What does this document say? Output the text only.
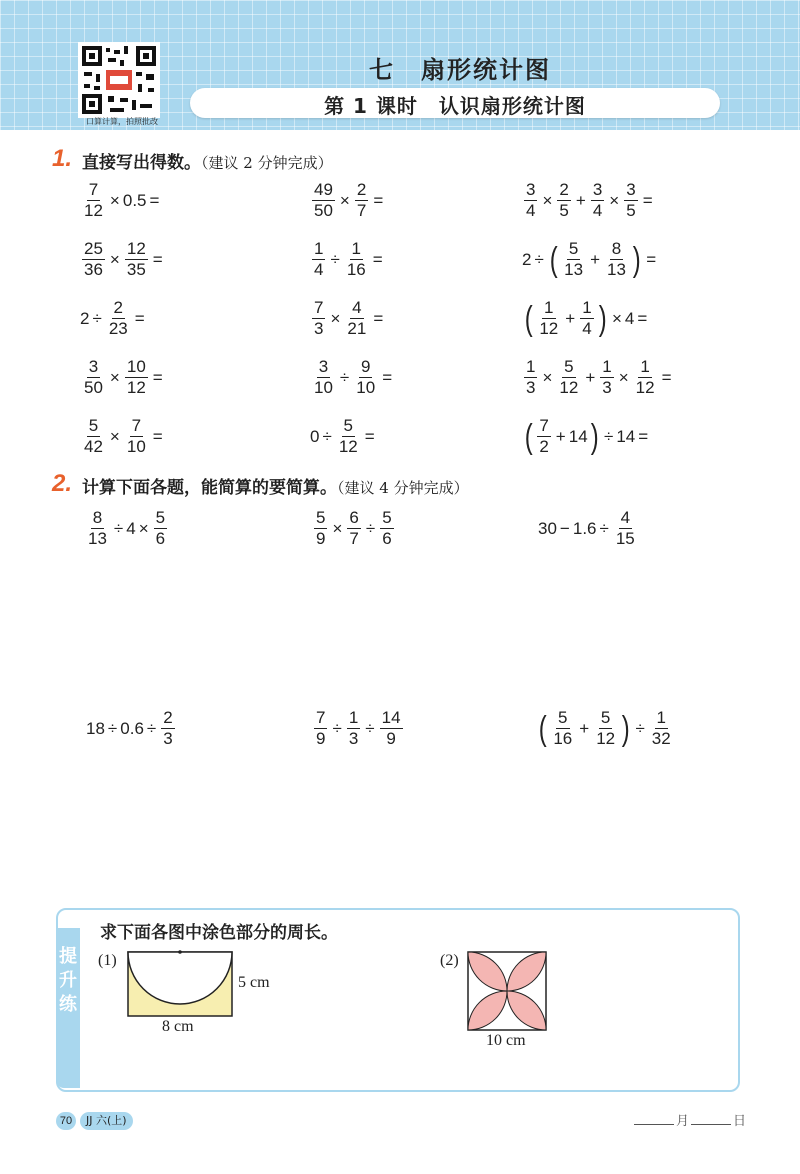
口算计算，拍照批改
七　扇形统计图
第 1 课时　认识扇形统计图
1. 直接写出得数。（建议 2 分钟完成）
$\frac{7}{12} \times 0.5$ =	$\frac{49}{50} \times \frac{2}{7}$ =	$\frac{3}{4} \times \frac{2}{5} + \frac{3}{4} \times \frac{3}{5}$ =
$\frac{25}{36} \times \frac{12}{35}$ =	$\frac{1}{4} \div \frac{1}{16}$ =	2 ÷ ( $\frac{5}{13} + \frac{8}{13}$ ) =
$2 \div \frac{2}{23}$ =	$\frac{7}{3} \times \frac{4}{21}$ =	( $\frac{1}{12} + \frac{1}{4}$ ) × 4 =
$\frac{3}{50} \times \frac{10}{12}$ =	$\frac{3}{10} \div \frac{9}{10}$ =	$\frac{1}{3} \times \frac{5}{12} + \frac{1}{3} \times \frac{1}{12}$ =
$\frac{5}{42} \times \frac{7}{10}$ =	$0 \div \frac{5}{12}$ =	( $\frac{7}{2} + 14$ ) ÷ 14 =
2. 计算下面各题，能简算的要简算。（建议 4 分钟完成）
$\frac{8}{13} \div 4 \times \frac{5}{6}$	$\frac{5}{9} \times \frac{6}{7} \div \frac{5}{6}$	$30 - 1.6 \div \frac{4}{15}$
$18 \div 0.6 \div \frac{2}{3}$	$\frac{7}{9} \div \frac{1}{3} \div \frac{14}{9}$	( $\frac{5}{16} + \frac{5}{12}$ ) ÷ $\frac{1}{32}$
提升练
求下面各图中涂色部分的周长。
(1)
5 cm
8 cm
(2)
10 cm
70	JJ 六(上)	月	日
